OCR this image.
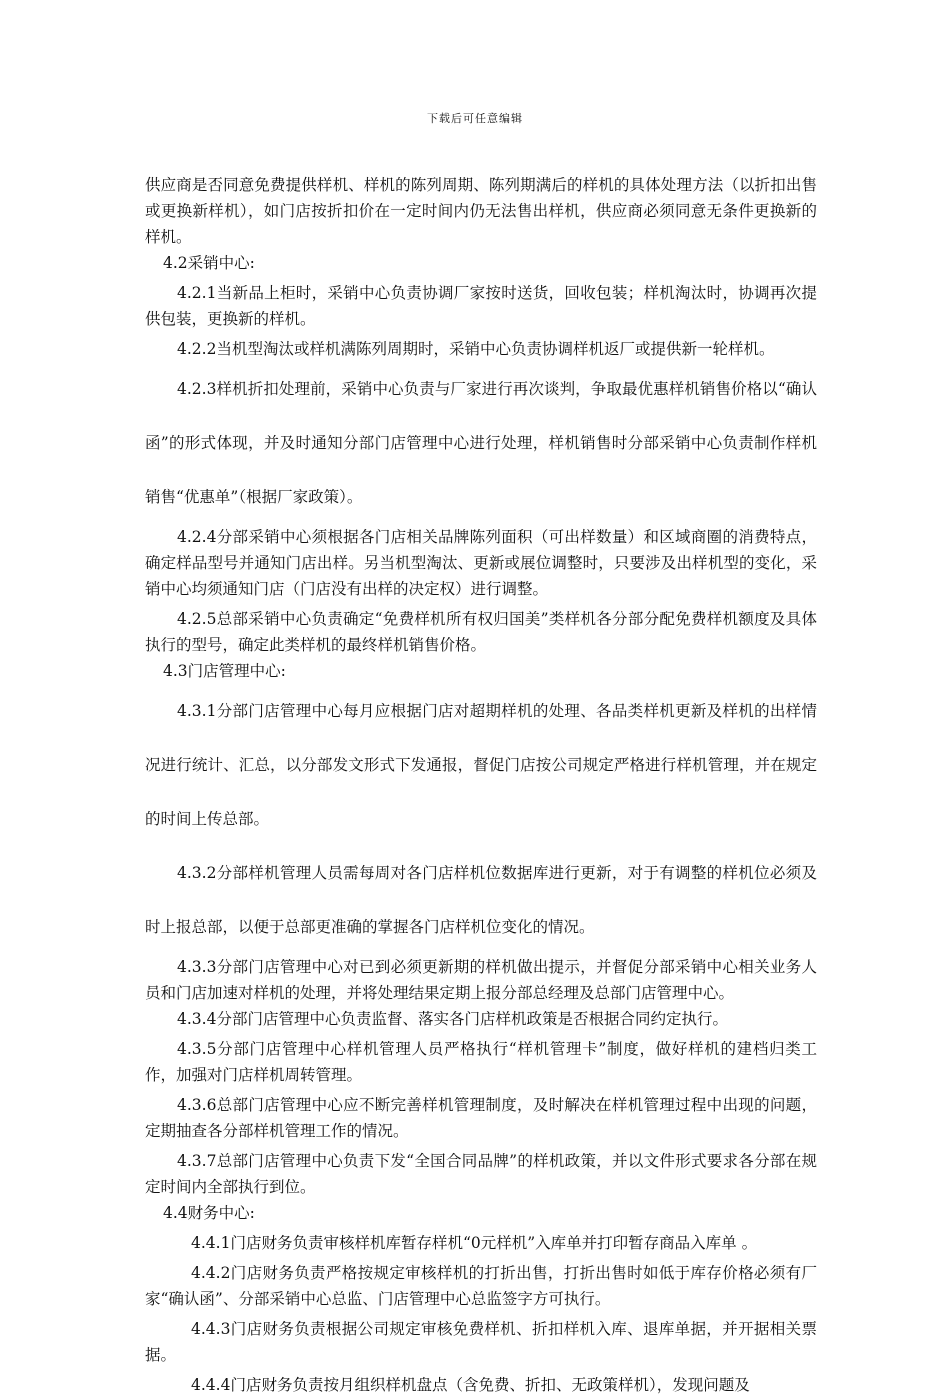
下载后可任意编辑

供应商是否同意免费提供样机、样机的陈列周期、陈列期满后的样机的具体处理方法（以折扣出售或更换新样机），如门店按折扣价在一定时间内仍无法售出样机，供应商必须同意无条件更换新的样机。

4.2采销中心:

4.2.1当新品上柜时，采销中心负责协调厂家按时送货，回收包装；样机淘汰时，协调再次提供包装，更换新的样机。

4.2.2当机型淘汰或样机满陈列周期时，采销中心负责协调样机返厂或提供新一轮样机。

4.2.3样机折扣处理前，采销中心负责与厂家进行再次谈判，争取最优惠样机销售价格以“确认函”的形式体现，并及时通知分部门店管理中心进行处理，样机销售时分部采销中心负责制作样机销售“优惠单”（根据厂家政策）。

4.2.4分部采销中心须根据各门店相关品牌陈列面积（可出样数量）和区域商圈的消费特点，确定样品型号并通知门店出样。另当机型淘汰、更新或展位调整时，只要涉及出样机型的变化，采销中心均须通知门店（门店没有出样的决定权）进行调整。

4.2.5总部采销中心负责确定“免费样机所有权归国美”类样机各分部分配免费样机额度及具体执行的型号，确定此类样机的最终样机销售价格。

4.3门店管理中心:

4.3.1分部门店管理中心每月应根据门店对超期样机的处理、各品类样机更新及样机的出样情况进行统计、汇总，以分部发文形式下发通报，督促门店按公司规定严格进行样机管理，并在规定的时间上传总部。

4.3.2分部样机管理人员需每周对各门店样机位数据库进行更新，对于有调整的样机位必须及时上报总部，以便于总部更准确的掌握各门店样机位变化的情况。

4.3.3分部门店管理中心对已到必须更新期的样机做出提示，并督促分部采销中心相关业务人员和门店加速对样机的处理，并将处理结果定期上报分部总经理及总部门店管理中心。

4.3.4分部门店管理中心负责监督、落实各门店样机政策是否根据合同约定执行。

4.3.5分部门店管理中心样机管理人员严格执行“样机管理卡”制度，做好样机的建档归类工作，加强对门店样机周转管理。

4.3.6总部门店管理中心应不断完善样机管理制度，及时解决在样机管理过程中出现的问题，定期抽查各分部样机管理工作的情况。

4.3.7总部门店管理中心负责下发“全国合同品牌”的样机政策，并以文件形式要求各分部在规定时间内全部执行到位。

4.4财务中心:

4.4.1门店财务负责审核样机库暂存样机“0元样机”入库单并打印暂存商品入库单 。

4.4.2门店财务负责严格按规定审核样机的打折出售，打折出售时如低于库存价格必须有厂家“确认函”、分部采销中心总监、门店管理中心总监签字方可执行。

4.4.3门店财务负责根据公司规定审核免费样机、折扣样机入库、退库单据，并开据相关票据。

4.4.4门店财务负责按月组织样机盘点（含免费、折扣、无政策样机），发现问题及
